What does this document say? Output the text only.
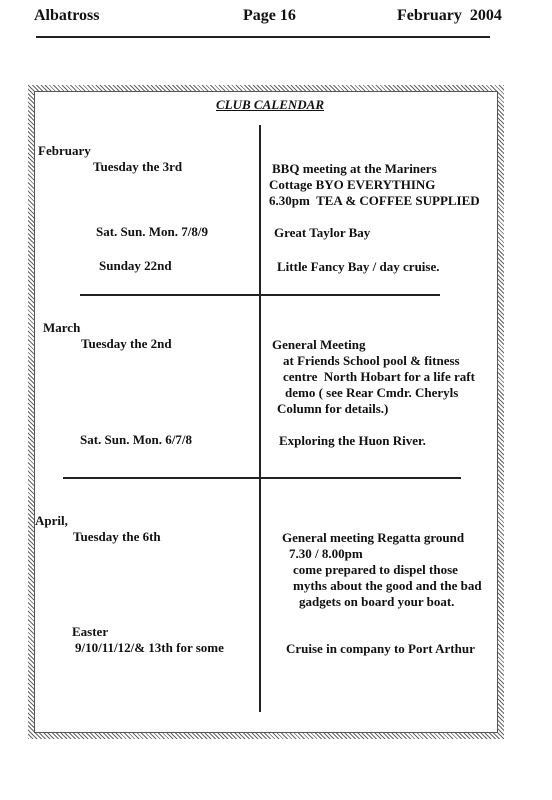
Albatross	Page 16	February  2004
CLUB CALENDAR
February
Tuesday the 3rd	BBQ meeting at the Mariners
Cottage BYO EVERYTHING
6.30pm  TEA & COFFEE SUPPLIED
Sat. Sun. Mon. 7/8/9	Great Taylor Bay
Sunday 22nd	Little Fancy Bay / day cruise.
March
Tuesday the 2nd	General Meeting
at Friends School pool & fitness
centre  North Hobart for a life raft
demo ( see Rear Cmdr. Cheryls
Column for details.)
Sat. Sun. Mon. 6/7/8	Exploring the Huon River.
April,
Tuesday the 6th	General meeting Regatta ground
7.30 / 8.00pm
come prepared to dispel those
myths about the good and the bad
gadgets on board your boat.
Easter
9/10/11/12/& 13th for some	Cruise in company to Port Arthur
